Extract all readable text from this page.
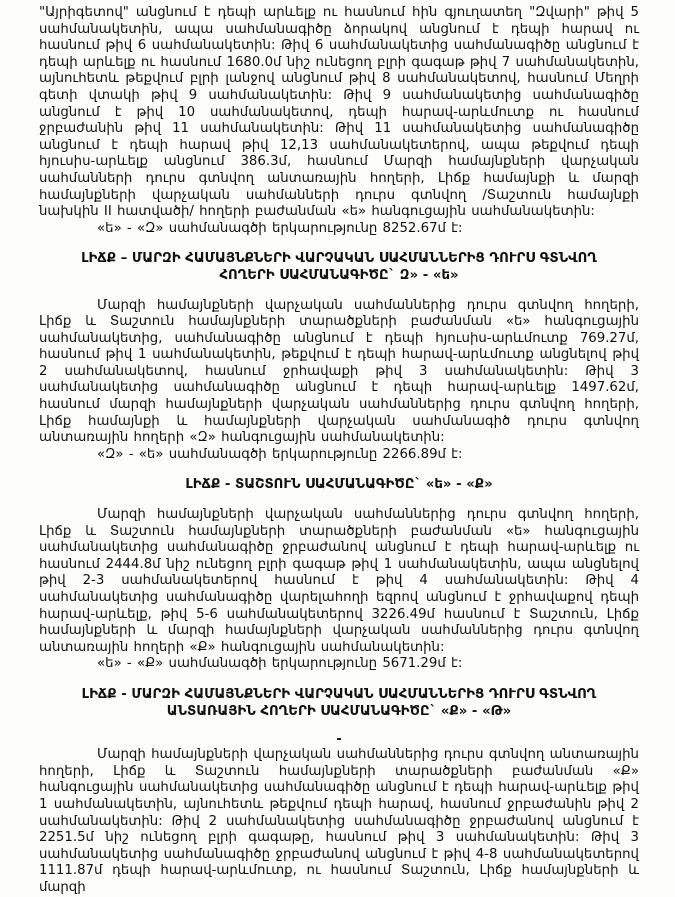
"Այրիգետով" անցնում է դեպի արևելք ու հասնում հին գյուղատեղ "Զվարի" թիվ 5 սահմանակետին, ապա սահմանագիծը ձորակով անցնում է դեպի հարավ ու հասնում թիվ 6 սահմանակետին: Թիվ 6 սահմանակետից սահմանագիծը անցնում է դեպի արևելք ու հասնում 1680.0մ նիշ ունեցող բլրի գագաթ թիվ 7 սահմանակետին, այնուհետև թեքվում բլրի լանջով անցնում թիվ 8 սահմանակետով, հասնում Մեղրի գետի վտակի թիվ 9 սահմանակետին: Թիվ 9 սահմանակետից սահմանագիծը անցնում է թիվ 10 սահմանակետով, դեպի հարավ-արևմուտք ու հասնում ջրբաժանին թիվ 11 սահմանակետին: Թիվ 11 սահմանակետից սահմանագիծը անցնում է դեպի հարավ թիվ 12,13 սահմանակետերով, ապա թեքվում դեպի հյուսիս-արևելք անցնում 386.3մ, հասնում Մարզի համայնքների վարչական սահմանների դուրս գտնվող անտառային հողերի, Լիճք համայնքի և մարզի համայնքների վարչական սահմանների դուրս գտնվող /Տաշտուն համայնքի նախկին II հատվածի/ հողերի բաժանման «ե» հանգուցային սահմանակետին:

«ե» - «Զ» սահմանագծի երկարությունը 8252.67մ է:

ԼԻՃՔ – ՄԱՐԶԻ ՀԱՄԱՅՆՔՆԵՐԻ ՎԱՐՉԱԿԱՆ ՍԱՀՄԱՆՆԵՐԻՑ ԴՈՒՐՍ ԳՏՆՎՈՂ ՀՈՂԵՐԻ ՍԱՀՄԱՆԱԳԻԾԸ` Զ» - «ե»

Մարզի համայնքների վարչական սահմաններից դուրս գտնվող հողերի, Լիճք և Տաշտուն համայնքների տարածքների բաժանման «ե» հանգուցային սահմանակետից, սահմանագիծը անցնում է դեպի հյուսիս-արևմուտք 769.27մ, հասնում թիվ 1 սահմանակետին, թեքվում է դեպի հարավ-արևմուտք անցնելով թիվ 2 սահմանակետով, հասնում ջրհավաքի թիվ 3 սահմանակետին: Թիվ 3 սահմանակետից սահմանագիծը անցնում է դեպի հարավ-արևելք 1497.62մ, հասնում մարզի համայնքների վարչական սահմաններից դուրս գտնվող հողերի, Լիճք համայնքի և համայնքների վարչական սահմանագիծ դուրս գտնվող անտառային հողերի «Զ» հանգուցային սահմանակետին:

«Զ» - «ե» սահմանագծի երկարությունը 2266.89մ է:

ԼԻՃՔ - ՏԱՇՏՈՒՆ ՍԱՀՄԱՆԱԳԻԾԸ` «ե» - «Ք»

Մարզի համայնքների վարչական սահմաններից դուրս գտնվող հողերի, Լիճք և Տաշտուն համայնքների տարածքների բաժանման «ե» հանգուցային սահմանակետից սահմանագիծը ջրբաժանով անցնում է դեպի հարավ-արևելք ու հասնում 2444.8մ նիշ ունեցող բլրի գագաթ թիվ 1 սահմանակետին, ապա անցնելով թիվ 2-3 սահմանակետերով հասնում է թիվ 4 սահմանակետին: Թիվ 4 սահմանակետից սահմանագիծը վարելահողի եզրով անցնում է ջրհավաքով դեպի հարավ-արևելք, թիվ 5-6 սահմանակետերով 3226.49մ հասնում է Տաշտուն, Լիճք համայնքների և մարզի համայնքների վարչական սահմաններից դուրս գտնվող անտառային հողերի «Ք» հանգուցային սահմանակետին:

«ե» - «Ք» սահմանագծի երկարությունը 5671.29մ է:

ԼԻՃՔ - ՄԱՐԶԻ ՀԱՄԱՅՆՔՆԵՐԻ ՎԱՐՉԱԿԱՆ ՍԱՀՄԱՆՆԵՐԻՑ ԴՈՒՐՍ ԳՏՆՎՈՂ ԱՆՏԱՌԱՅԻՆ ՀՈՂԵՐԻ ՍԱՀՄԱՆԱԳԻԾԸ` «Ք» - «Թ»

-

Մարզի համայնքների վարչական սահմաններից դուրս գտնվող անտառային հողերի, Լիճք և Տաշտուն համայնքների տարածքների բաժանման «Ք» հանգուցային սահմանակետից սահմանագիծը անցնում է դեպի հարավ-արևելք թիվ 1 սահմանակետին, այնուհետև թեքվում դեպի հարավ, հասնում ջրբաժանին թիվ 2 սահմանակետին: Թիվ 2 սահմանակետից սահմանագիծը ջրբաժանով անցնում է 2251.5մ նիշ ունեցող բլրի գագաթը, հասնում թիվ 3 սահմանակետին: Թիվ 3 սահմանակետից սահմանագիծը ջրբաժանով անցնում է թիվ 4-8 սահմանակետերով 1111.87մ դեպի հարավ-արևմուտք, ու հասնում Տաշտուն, Լիճք համայնքների և մարզի
